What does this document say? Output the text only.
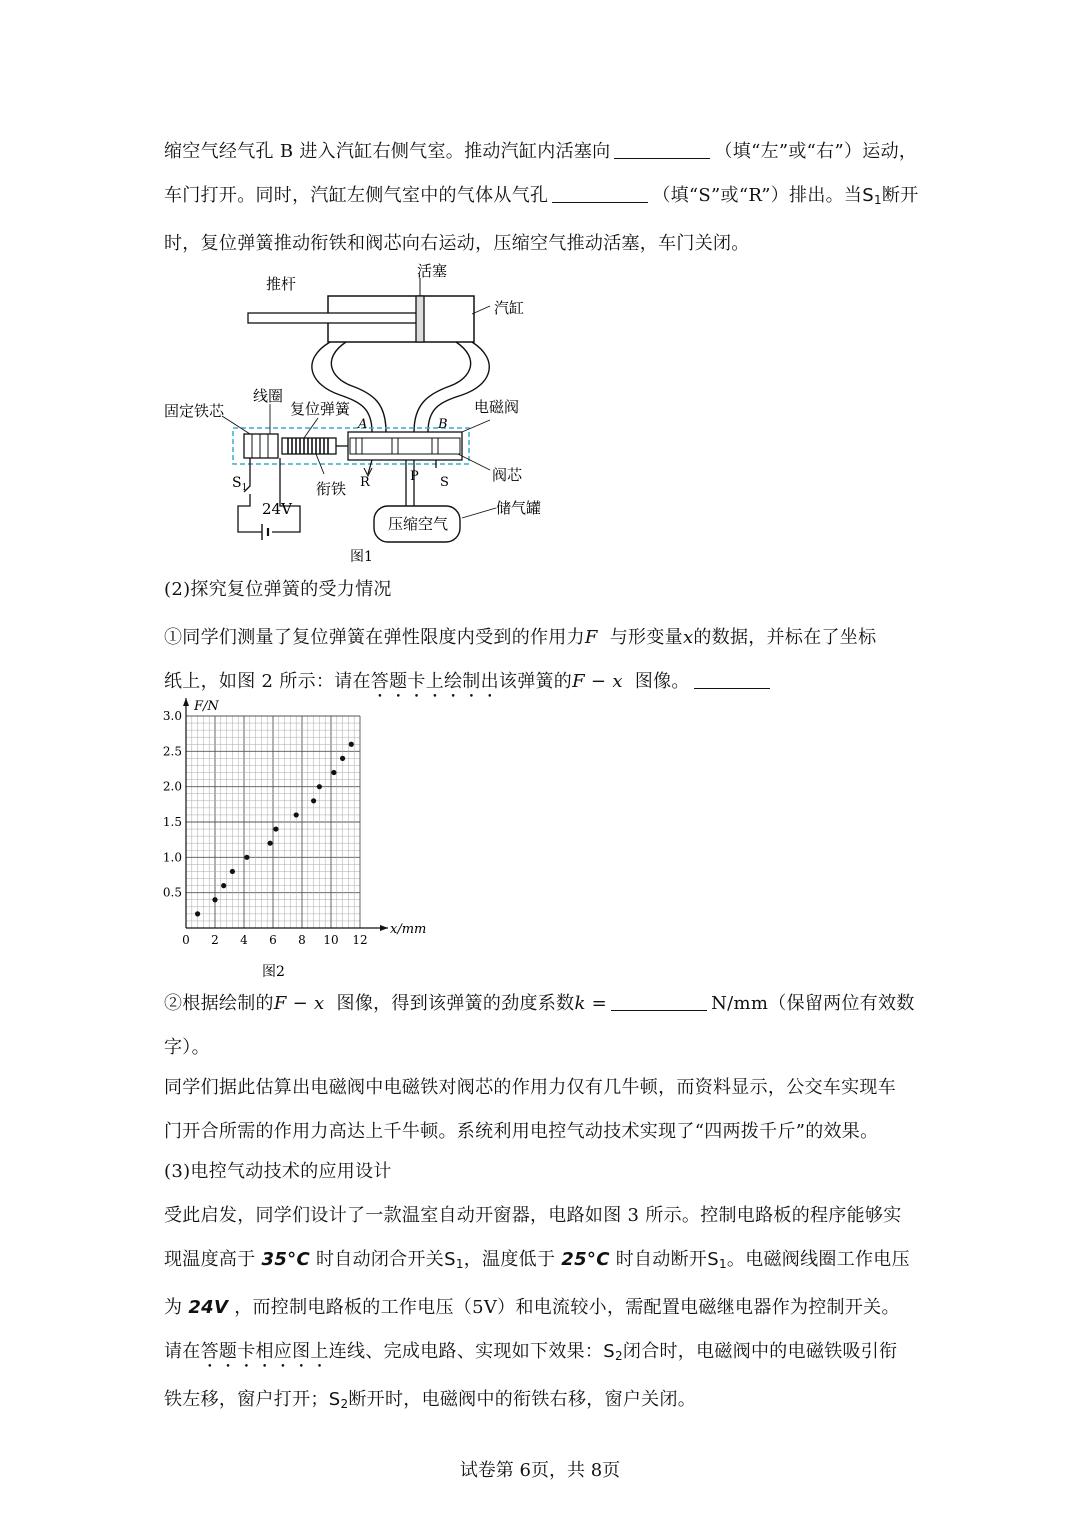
缩空气经气孔 B 进入汽缸右侧气室。推动汽缸内活塞向	（填“左”或“右”）运动，
车门打开。同时，汽缸左侧气室中的气体从气孔	（填“S”或“R”）排出。当$S_1$断开
时，复位弹簧推动衔铁和阀芯向右运动，压缩空气推动活塞，车门关闭。
推杆
活塞
汽缸
固定铁芯
线圈
复位弹簧	电磁阀
A	B
R	P S	阀芯
$S_1$	衔铁
24V	储气罐
压缩空气
图1
(2)探究复位弹簧的受力情况
①同学们测量了复位弹簧在弹性限度内受到的作用力F 与形变量x的数据，并标在了坐标
纸上，如图 2 所示：请在答题卡上绘制出该弹簧的F − x 图像。
0.5
1.0
1.5
2.0
2.5
3.0
0 2 4 6 8 10 12
F/N
x/mm
图2
②根据绘制的F − x 图像，得到该弹簧的劲度系数k =	N/mm（保留两位有效数
字）。
同学们据此估算出电磁阀中电磁铁对阀芯的作用力仅有几牛顿，而资料显示，公交车实现车
门开合所需的作用力高达上千牛顿。系统利用电控气动技术实现了“四两拨千斤”的效果。
(3)电控气动技术的应用设计
受此启发，同学们设计了一款温室自动开窗器，电路如图 3 所示。控制电路板的程序能够实
现温度高于 35°C 时自动闭合开关$S_1$，温度低于 25°C 时自动断开$S_1$。电磁阀线圈工作电压
为 24V ，而控制电路板的工作电压（5V）和电流较小，需配置电磁继电器作为控制开关。
请在答题卡相应图上连线、完成电路、实现如下效果：$S_2$闭合时，电磁阀中的电磁铁吸引衔
铁左移，窗户打开；$S_2$断开时，电磁阀中的衔铁右移，窗户关闭。
试卷第 6页，共 8页
